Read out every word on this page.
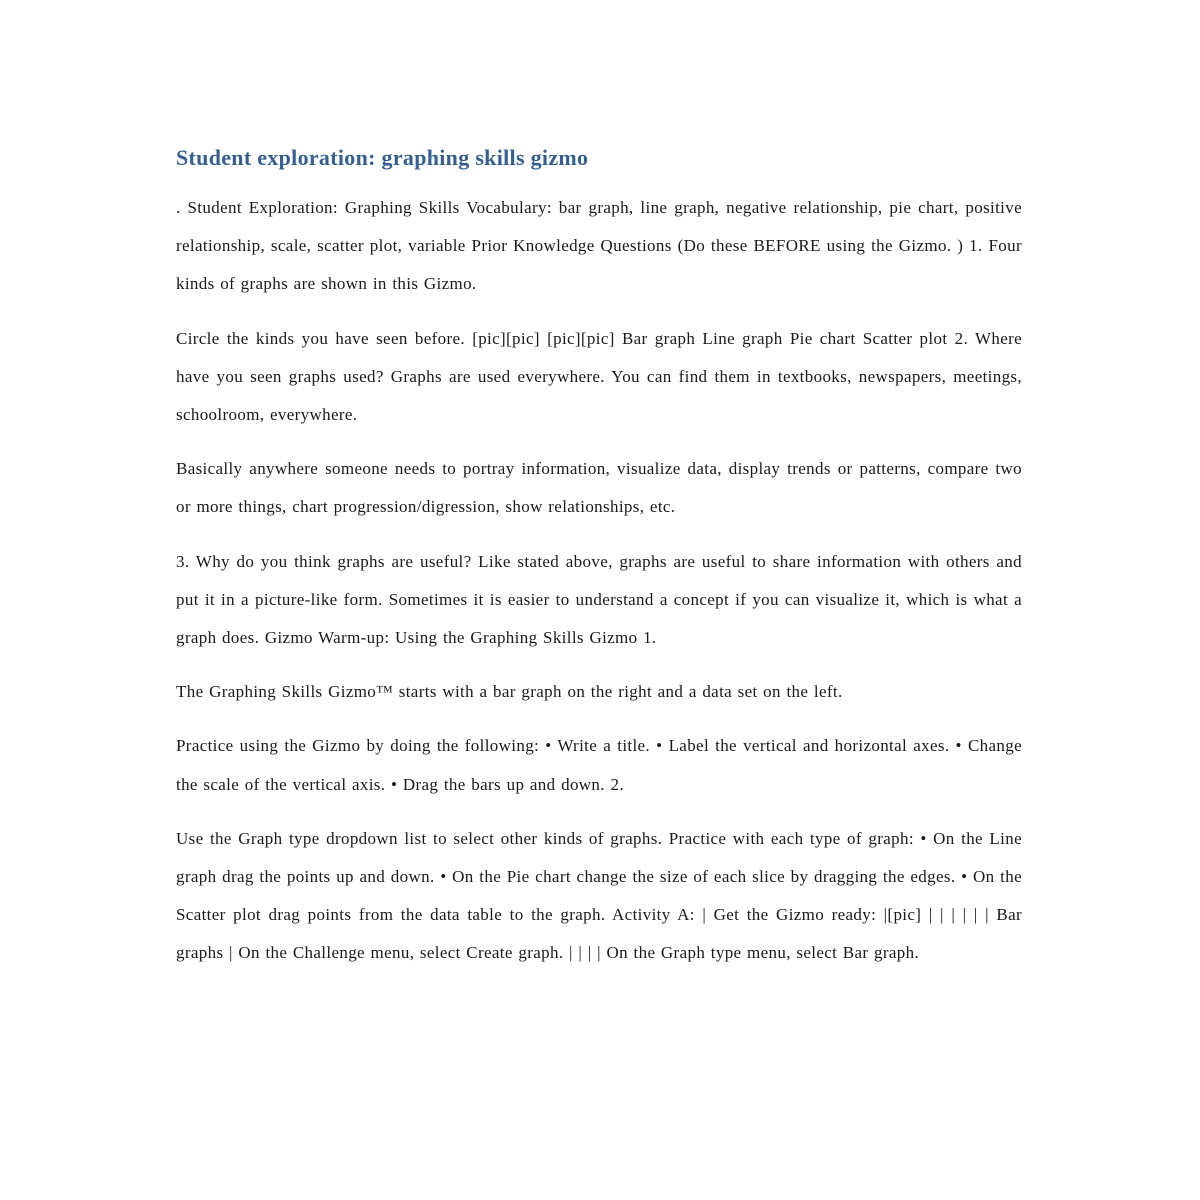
Student exploration: graphing skills gizmo

. Student Exploration: Graphing Skills Vocabulary: bar graph, line graph, negative relationship, pie chart, positive relationship, scale, scatter plot, variable Prior Knowledge Questions (Do these BEFORE using the Gizmo. ) 1. Four kinds of graphs are shown in this Gizmo.

Circle the kinds you have seen before. [pic][pic] [pic][pic] Bar graph Line graph Pie chart Scatter plot 2. Where have you seen graphs used? Graphs are used everywhere. You can find them in textbooks, newspapers, meetings, schoolroom, everywhere.

Basically anywhere someone needs to portray information, visualize data, display trends or patterns, compare two or more things, chart progression/digression, show relationships, etc.

3. Why do you think graphs are useful? Like stated above, graphs are useful to share information with others and put it in a picture-like form. Sometimes it is easier to understand a concept if you can visualize it, which is what a graph does. Gizmo Warm-up: Using the Graphing Skills Gizmo 1.

The Graphing Skills Gizmo™ starts with a bar graph on the right and a data set on the left.

Practice using the Gizmo by doing the following: • Write a title. • Label the vertical and horizontal axes. • Change the scale of the vertical axis. • Drag the bars up and down. 2.

Use the Graph type dropdown list to select other kinds of graphs. Practice with each type of graph: • On the Line graph drag the points up and down. • On the Pie chart change the size of each slice by dragging the edges. • On the Scatter plot drag points from the data table to the graph. Activity A: | Get the Gizmo ready: |[pic] | | | | | | Bar graphs | On the Challenge menu, select Create graph. | | | | On the Graph type menu, select Bar graph.
